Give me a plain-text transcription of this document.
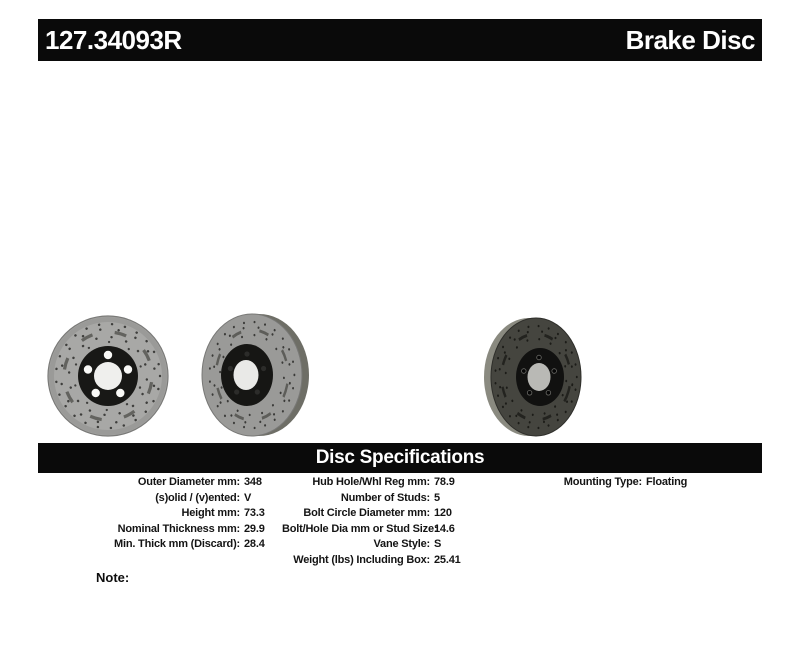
127.34093R	Brake Disc
Disc Specifications
Outer Diameter mm: 348
(s)olid / (v)ented: V
Height mm: 73.3
Nominal Thickness mm: 29.9
Min. Thick mm (Discard): 28.4
Hub Hole/Whl Reg mm: 78.9
Number of Studs: 5
Bolt Circle Diameter mm: 120
Bolt/Hole Dia mm or Stud Size:
14.6
Vane Style: S
Weight (lbs) Including Box: 25.41
Mounting Type: Floating
Note:
